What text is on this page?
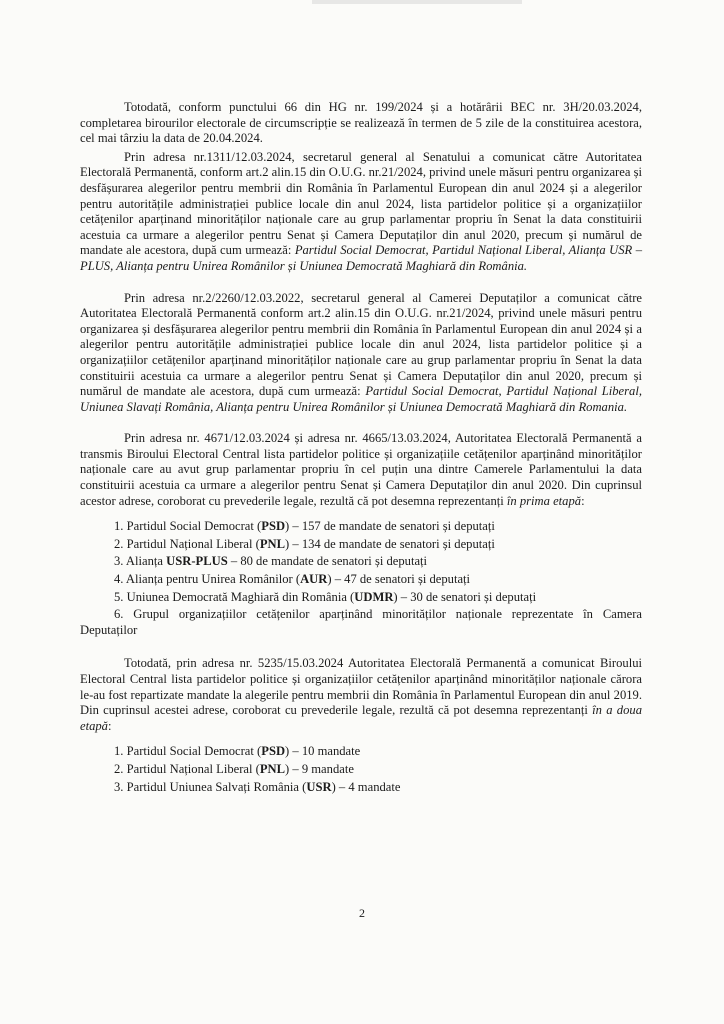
Totodată, conform punctului 66 din HG nr. 199/2024 și a hotărârii BEC nr. 3H/20.03.2024, completarea birourilor electorale de circumscripție se realizează în termen de 5 zile de la constituirea acestora, cel mai târziu la data de 20.04.2024.

Prin adresa nr.1311/12.03.2024, secretarul general al Senatului a comunicat către Autoritatea Electorală Permanentă, conform art.2 alin.15 din O.U.G. nr.21/2024, privind unele măsuri pentru organizarea și desfășurarea alegerilor pentru membrii din România în Parlamentul European din anul 2024 și a alegerilor pentru autoritățile administrației publice locale din anul 2024, lista partidelor politice și a organizațiilor cetățenilor aparținand minorităților naționale care au grup parlamentar propriu în Senat la data constituirii acestuia ca urmare a alegerilor pentru Senat și Camera Deputaților din anul 2020, precum și numărul de mandate ale acestora, după cum urmează: Partidul Social Democrat, Partidul Național Liberal, Alianța USR – PLUS, Alianța pentru Unirea Românilor și Uniunea Democrată Maghiară din România.

Prin adresa nr.2/2260/12.03.2022, secretarul general al Camerei Deputaților a comunicat către Autoritatea Electorală Permanentă conform art.2 alin.15 din O.U.G. nr.21/2024, privind unele măsuri pentru organizarea și desfășurarea alegerilor pentru membrii din România în Parlamentul European din anul 2024 și a alegerilor pentru autoritățile administrației publice locale din anul 2024, lista partidelor politice și a organizațiilor cetățenilor aparținand minorităților naționale care au grup parlamentar propriu în Senat la data constituirii acestuia ca urmare a alegerilor pentru Senat și Camera Deputaților din anul 2020, precum și numărul de mandate ale acestora, după cum urmează: Partidul Social Democrat, Partidul Național Liberal, Uniunea Slavați România, Alianța pentru Unirea Românilor și Uniunea Democrată Maghiară din Romania.

Prin adresa nr. 4671/12.03.2024 și adresa nr. 4665/13.03.2024, Autoritatea Electorală Permanentă a transmis Biroului Electoral Central lista partidelor politice și organizațiile cetățenilor aparținând minorităților naționale care au avut grup parlamentar propriu în cel puțin una dintre Camerele Parlamentului la data constituirii acestuia ca urmare a alegerilor pentru Senat și Camera Deputaților din anul 2020. Din cuprinsul acestor adrese, coroborat cu prevederile legale, rezultă că pot desemna reprezentanți în prima etapă:

1. Partidul Social Democrat (PSD) – 157 de mandate de senatori și deputați
2. Partidul Național Liberal (PNL) – 134 de mandate de senatori și deputați
3. Alianța USR-PLUS – 80 de mandate de senatori și deputați
4. Alianța pentru Unirea Românilor (AUR) – 47 de senatori și deputați
5. Uniunea Democrată Maghiară din România (UDMR) – 30 de senatori și deputați
6. Grupul organizațiilor cetățenilor aparținând minorităților naționale reprezentate în Camera Deputaților

Totodată, prin adresa nr. 5235/15.03.2024 Autoritatea Electorală Permanentă a comunicat Biroului Electoral Central lista partidelor politice și organizațiilor cetățenilor aparținând minorităților naționale cărora le-au fost repartizate mandate la alegerile pentru membrii din România în Parlamentul European din anul 2019. Din cuprinsul acestei adrese, coroborat cu prevederile legale, rezultă că pot desemna reprezentanți în a doua etapă:

1. Partidul Social Democrat (PSD) – 10 mandate
2. Partidul Național Liberal (PNL) – 9 mandate
3. Partidul Uniunea Salvați România (USR) – 4 mandate
2
